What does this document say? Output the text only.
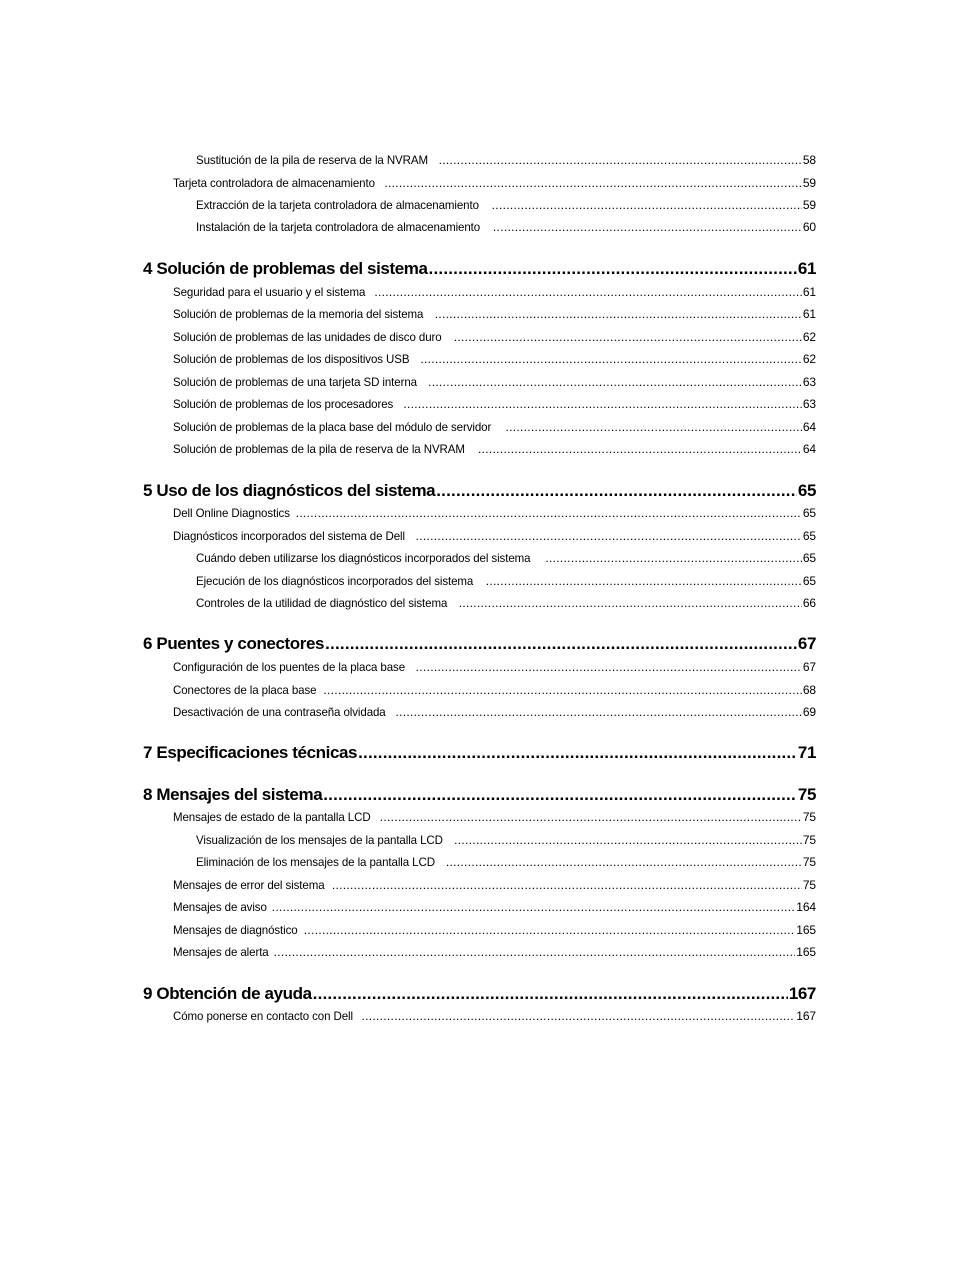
Sustitución de la pila de reserva de la NVRAM .....	58
Tarjeta controladora de almacenamiento .....	59
Extracción de la tarjeta controladora de almacenamiento .....	59
Instalación de la tarjeta controladora de almacenamiento .....	60
4 Solución de problemas del sistema .....	61
Seguridad para el usuario y el sistema .....	61
Solución de problemas de la memoria del sistema .....	61
Solución de problemas de las unidades de disco duro .....	62
Solución de problemas de los dispositivos USB .....	62
Solución de problemas de una tarjeta SD interna .....	63
Solución de problemas de los procesadores .....	63
Solución de problemas de la placa base del módulo de servidor .....	64
Solución de problemas de la pila de reserva de la NVRAM .....	64
5 Uso de los diagnósticos del sistema .....	65
Dell Online Diagnostics .....	65
Diagnósticos incorporados del sistema de Dell .....	65
Cuándo deben utilizarse los diagnósticos incorporados del sistema .....	65
Ejecución de los diagnósticos incorporados del sistema .....	65
Controles de la utilidad de diagnóstico del sistema .....	66
6 Puentes y conectores .....	67
Configuración de los puentes de la placa base .....	67
Conectores de la placa base .....	68
Desactivación de una contraseña olvidada .....	69
7 Especificaciones técnicas .....	71
8 Mensajes del sistema .....	75
Mensajes de estado de la pantalla LCD .....	75
Visualización de los mensajes de la pantalla LCD .....	75
Eliminación de los mensajes de la pantalla LCD .....	75
Mensajes de error del sistema .....	75
Mensajes de aviso .....	164
Mensajes de diagnóstico .....	165
Mensajes de alerta .....	165
9 Obtención de ayuda .....	167
Cómo ponerse en contacto con Dell .....	167
